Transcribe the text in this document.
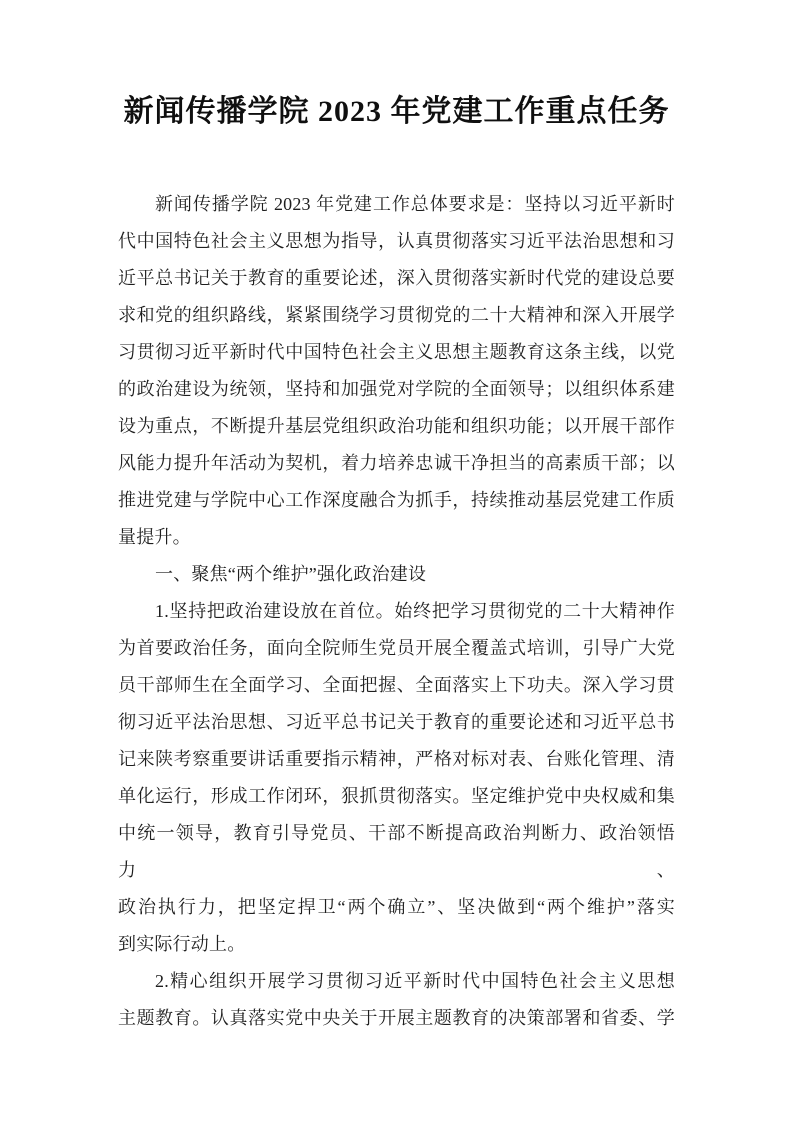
新闻传播学院 2023 年党建工作重点任务
新闻传播学院 2023 年党建工作总体要求是：坚持以习近平新时
代中国特色社会主义思想为指导，认真贯彻落实习近平法治思想和习
近平总书记关于教育的重要论述，深入贯彻落实新时代党的建设总要
求和党的组织路线，紧紧围绕学习贯彻党的二十大精神和深入开展学
习贯彻习近平新时代中国特色社会主义思想主题教育这条主线，以党
的政治建设为统领，坚持和加强党对学院的全面领导；以组织体系建
设为重点，不断提升基层党组织政治功能和组织功能；以开展干部作
风能力提升年活动为契机，着力培养忠诚干净担当的高素质干部；以
推进党建与学院中心工作深度融合为抓手，持续推动基层党建工作质
量提升。
一、聚焦“两个维护”强化政治建设
1.坚持把政治建设放在首位。始终把学习贯彻党的二十大精神作
为首要政治任务，面向全院师生党员开展全覆盖式培训，引导广大党
员干部师生在全面学习、全面把握、全面落实上下功夫。深入学习贯
彻习近平法治思想、习近平总书记关于教育的重要论述和习近平总书
记来陕考察重要讲话重要指示精神，严格对标对表、台账化管理、清
单化运行，形成工作闭环，狠抓贯彻落实。坚定维护党中央权威和集
中统一领导，教育引导党员、干部不断提高政治判断力、政治领悟力、
政治执行力，把坚定捍卫“两个确立”、坚决做到“两个维护”落实
到实际行动上。
2.精心组织开展学习贯彻习近平新时代中国特色社会主义思想
主题教育。认真落实党中央关于开展主题教育的决策部署和省委、学
